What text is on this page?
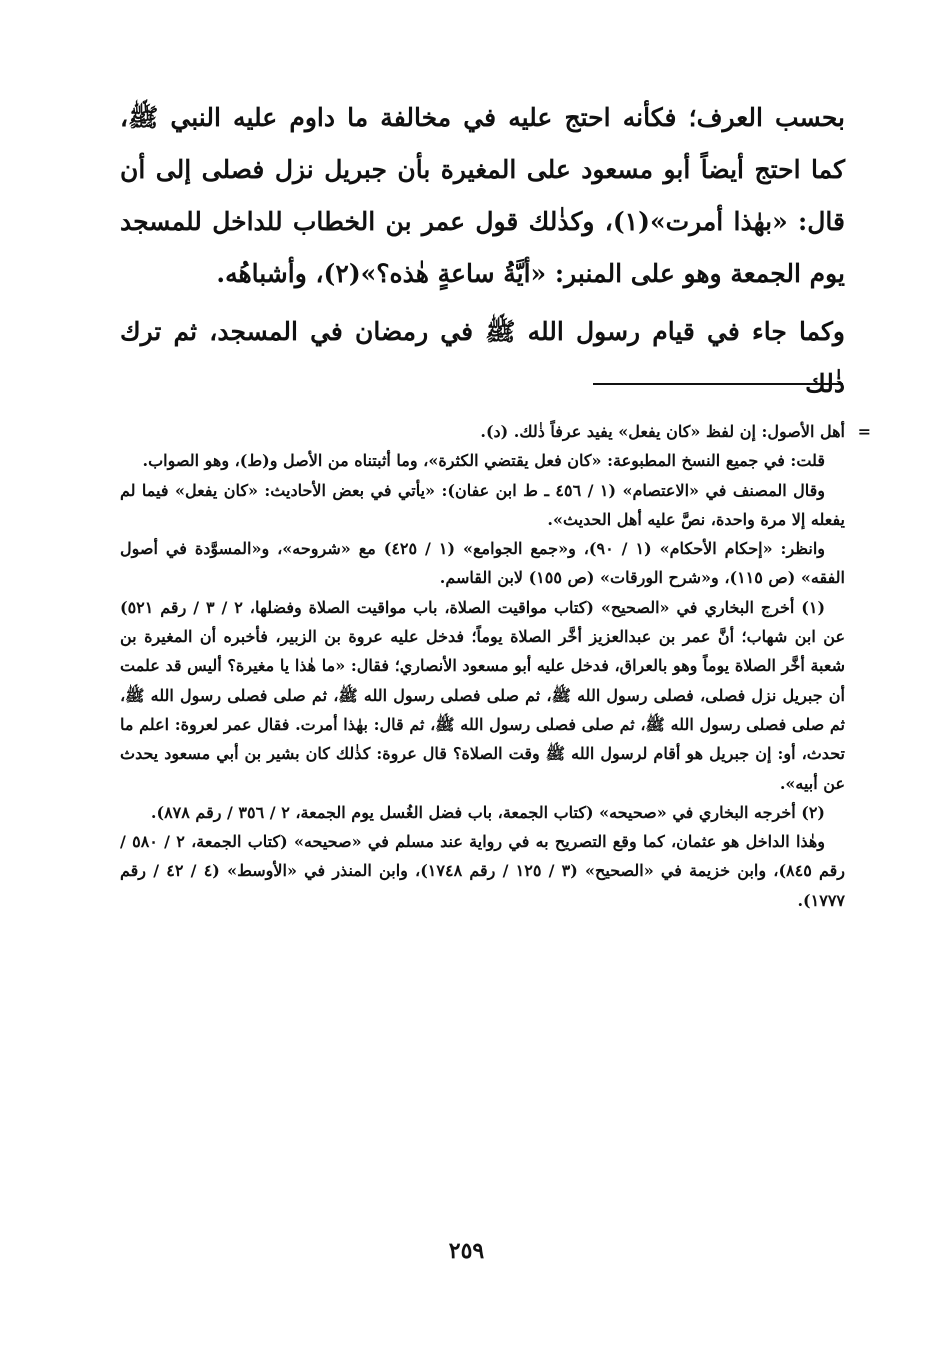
بحسب العرف؛ فكأنه احتج عليه في مخالفة ما داوم عليه النبي ﷺ، كما احتج أيضاً أبو مسعود على المغيرة بأن جبريل نزل فصلى إلى أن قال: «بهٰذا أمرت»(١)، وكذٰلك قول عمر بن الخطاب للداخل للمسجد يوم الجمعة وهو على المنبر: «أيَّةُ ساعةٍ هٰذه؟»(٢)، وأشباهُه.

وكما جاء في قيام رسول الله ﷺ في رمضان في المسجد، ثم ترك ذٰلك

=

أهل الأصول: إن لفظ «كان يفعل» يفيد عرفاً ذٰلك. (د).

قلت: في جميع النسخ المطبوعة: «كان فعل يقتضي الكثرة»، وما أثبتناه من الأصل و(ط)، وهو الصواب.

وقال المصنف في «الاعتصام» (١ / ٤٥٦ ـ ط ابن عفان): «يأتي في بعض الأحاديث: «كان يفعل» فيما لم يفعله إلا مرة واحدة، نصَّ عليه أهل الحديث».

وانظر: «إحكام الأحكام» (١ / ٩٠)، و«جمع الجوامع» (١ / ٤٢٥) مع «شروحه»، و«المسوَّدة في أصول الفقه» (ص ١١٥)، و«شرح الورقات» (ص ١٥٥) لابن القاسم.

(١) أخرج البخاري في «الصحيح» (كتاب مواقيت الصلاة، باب مواقيت الصلاة وفضلها، ٢ / ٣ / رقم ٥٢١) عن ابن شهاب؛ أنَّ عمر بن عبدالعزيز أخَّر الصلاة يوماً؛ فدخل عليه عروة بن الزبير، فأخبره أن المغيرة بن شعبة أخَّر الصلاة يوماً وهو بالعراق، فدخل عليه أبو مسعود الأنصاري؛ فقال: «ما هٰذا يا مغيرة؟ أليس قد علمت أن جبريل نزل فصلى، فصلى رسول الله ﷺ، ثم صلى فصلى رسول الله ﷺ، ثم صلى فصلى رسول الله ﷺ، ثم صلى فصلى رسول الله ﷺ، ثم صلى فصلى رسول الله ﷺ، ثم قال: بهٰذا أمرت. فقال عمر لعروة: اعلم ما تحدث، أو: إن جبريل هو أقام لرسول الله ﷺ وقت الصلاة؟ قال عروة: كذٰلك كان بشير بن أبي مسعود يحدث عن أبيه».

(٢) أخرجه البخاري في «صحيحه» (كتاب الجمعة، باب فضل الغُسل يوم الجمعة، ٢ / ٣٥٦ / رقم ٨٧٨).

وهٰذا الداخل هو عثمان، كما وقع التصريح به في رواية عند مسلم في «صحيحه» (كتاب الجمعة، ٢ / ٥٨٠ / رقم ٨٤٥)، وابن خزيمة في «الصحيح» (٣ / ١٢٥ / رقم ١٧٤٨)، وابن المنذر في «الأوسط» (٤ / ٤٢ / رقم ١٧٧٧).

٢٥٩
